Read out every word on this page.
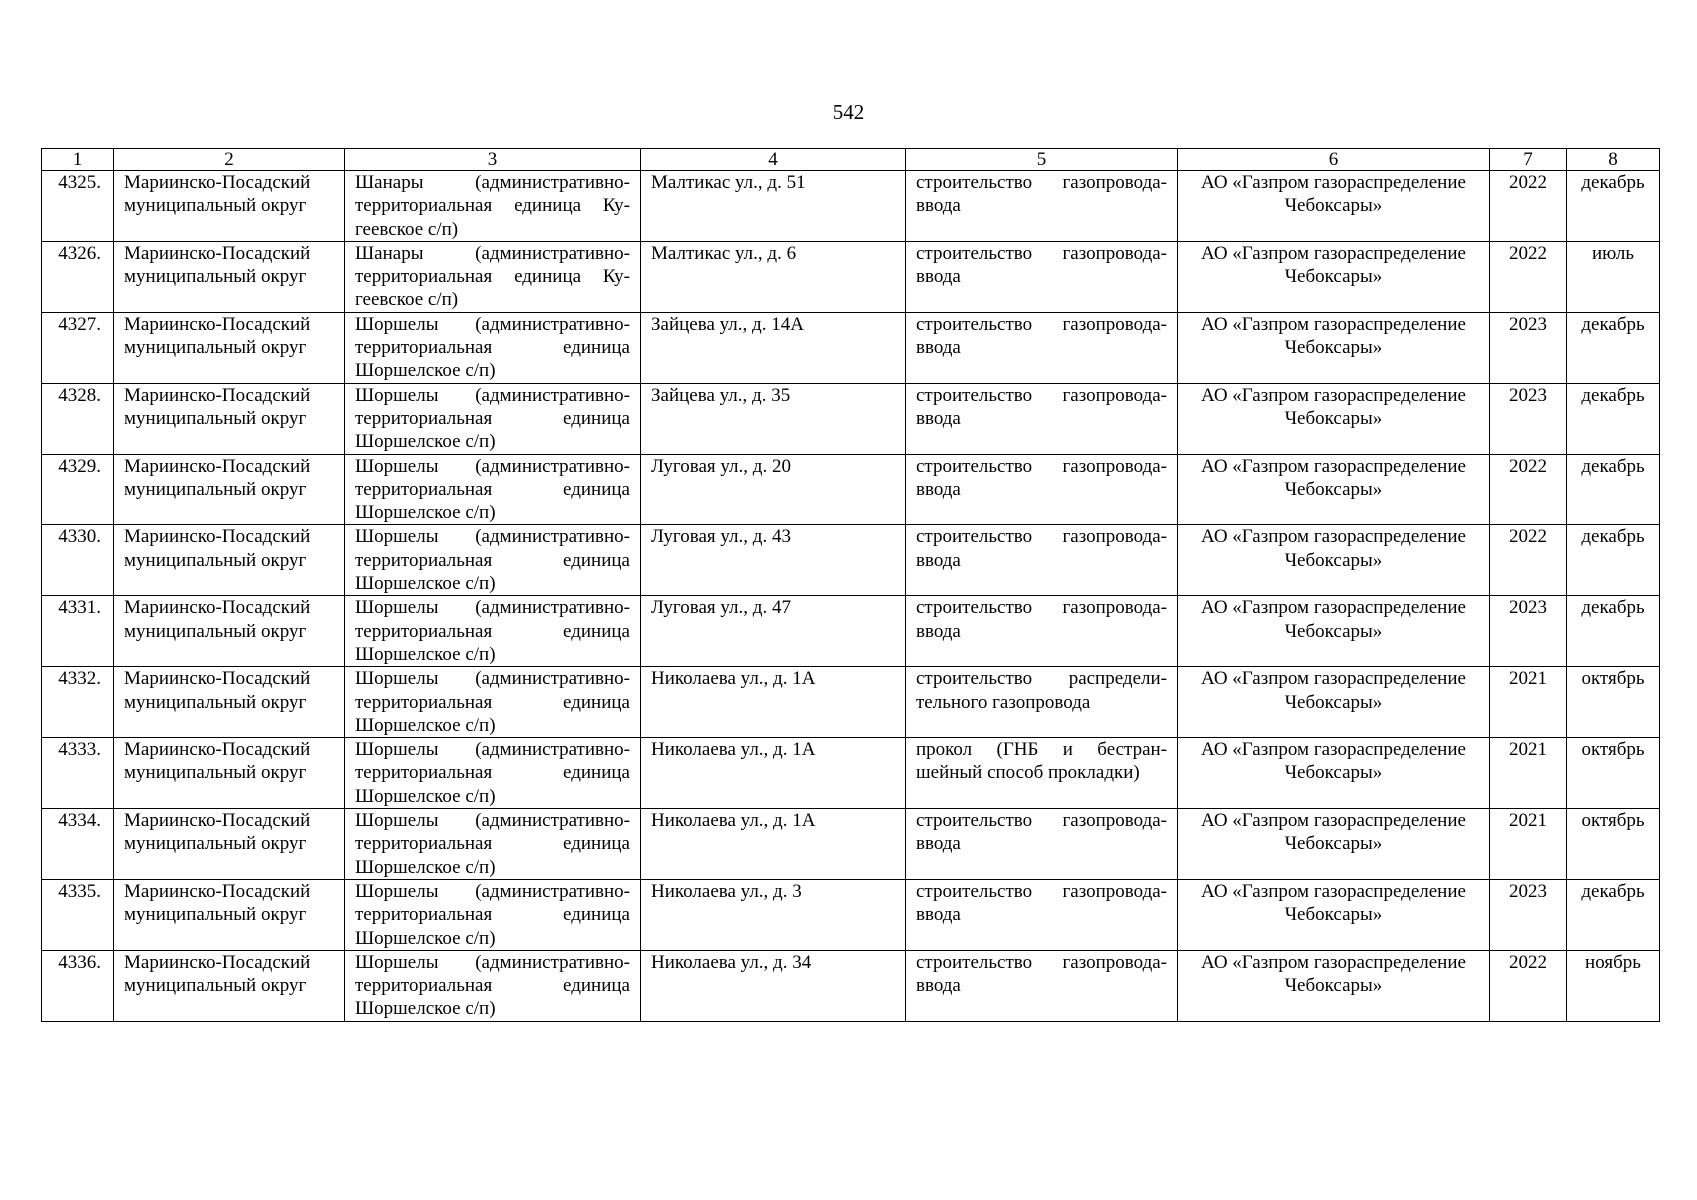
542
1	2	3	4	5	6	7	8
4325.	Мариинско-Посадский муниципальный округ	Шанары (административно-территориальная единица Кугеевское с/п)	Малтикас ул., д. 51	строительство газопровода-ввода	АО «Газпром газораспределение Чебоксары»	2022	декабрь
4326.	Мариинско-Посадский муниципальный округ	Шанары (административно-территориальная единица Кугеевское с/п)	Малтикас ул., д. 6	строительство газопровода-ввода	АО «Газпром газораспределение Чебоксары»	2022	июль
4327.	Мариинско-Посадский муниципальный округ	Шоршелы (административно-территориальная единица Шоршелское с/п)	Зайцева ул., д. 14А	строительство газопровода-ввода	АО «Газпром газораспределение Чебоксары»	2023	декабрь
4328.	Мариинско-Посадский муниципальный округ	Шоршелы (административно-территориальная единица Шоршелское с/п)	Зайцева ул., д. 35	строительство газопровода-ввода	АО «Газпром газораспределение Чебоксары»	2023	декабрь
4329.	Мариинско-Посадский муниципальный округ	Шоршелы (административно-территориальная единица Шоршелское с/п)	Луговая ул., д. 20	строительство газопровода-ввода	АО «Газпром газораспределение Чебоксары»	2022	декабрь
4330.	Мариинско-Посадский муниципальный округ	Шоршелы (административно-территориальная единица Шоршелское с/п)	Луговая ул., д. 43	строительство газопровода-ввода	АО «Газпром газораспределение Чебоксары»	2022	декабрь
4331.	Мариинско-Посадский муниципальный округ	Шоршелы (административно-территориальная единица Шоршелское с/п)	Луговая ул., д. 47	строительство газопровода-ввода	АО «Газпром газораспределение Чебоксары»	2023	декабрь
4332.	Мариинско-Посадский муниципальный округ	Шоршелы (административно-территориальная единица Шоршелское с/п)	Николаева ул., д. 1А	строительство распределительного газопровода	АО «Газпром газораспределение Чебоксары»	2021	октябрь
4333.	Мариинско-Посадский муниципальный округ	Шоршелы (административно-территориальная единица Шоршелское с/п)	Николаева ул., д. 1А	прокол (ГНБ и бестраншейный способ прокладки)	АО «Газпром газораспределение Чебоксары»	2021	октябрь
4334.	Мариинско-Посадский муниципальный округ	Шоршелы (административно-территориальная единица Шоршелское с/п)	Николаева ул., д. 1А	строительство газопровода-ввода	АО «Газпром газораспределение Чебоксары»	2021	октябрь
4335.	Мариинско-Посадский муниципальный округ	Шоршелы (административно-территориальная единица Шоршелское с/п)	Николаева ул., д. 3	строительство газопровода-ввода	АО «Газпром газораспределение Чебоксары»	2023	декабрь
4336.	Мариинско-Посадский муниципальный округ	Шоршелы (административно-территориальная единица Шоршелское с/п)	Николаева ул., д. 34	строительство газопровода-ввода	АО «Газпром газораспределение Чебоксары»	2022	ноябрь
